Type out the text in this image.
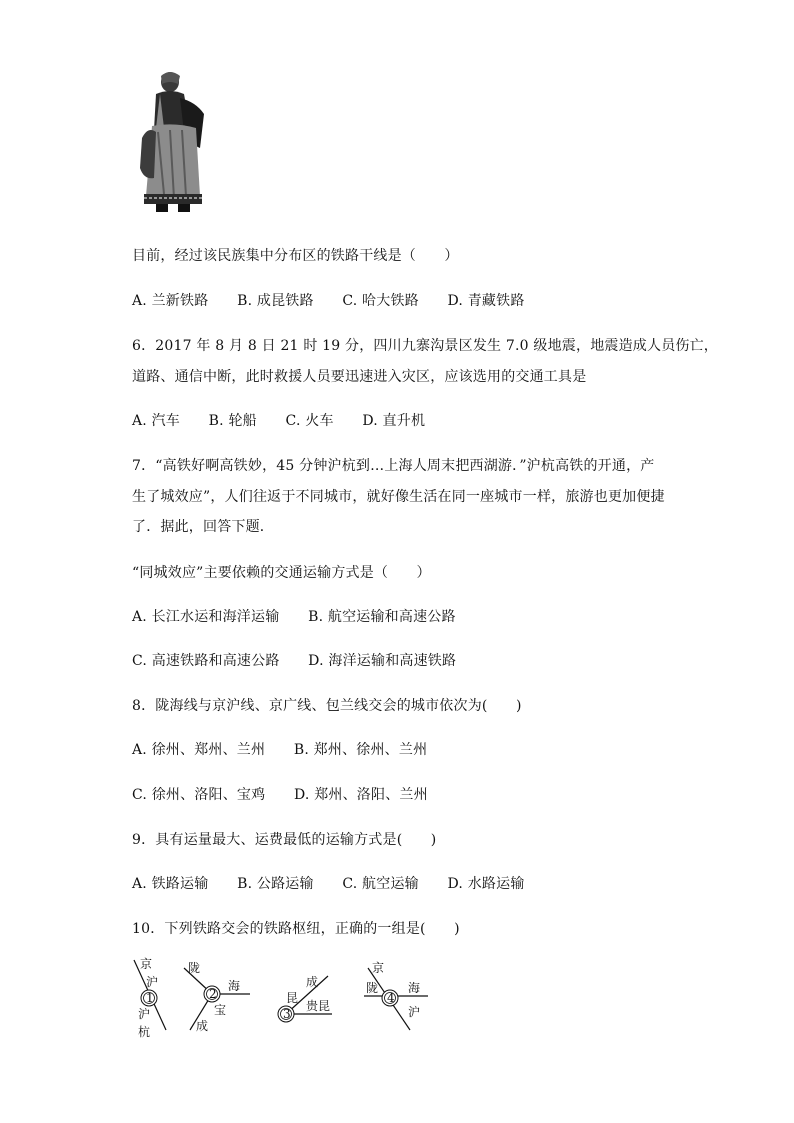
目前，经过该民族集中分布区的铁路干线是（　　）
A. 兰新铁路 B. 成昆铁路 C. 哈大铁路 D. 青藏铁路
6．2017 年 8 月 8 日 21 时 19 分，四川九寨沟景区发生 7.0 级地震，地震造成人员伤亡，
道路、通信中断，此时救援人员要迅速进入灾区，应该选用的交通工具是
A. 汽车 B. 轮船 C. 火车 D. 直升机
7．“高铁好啊高铁妙，45 分钟沪杭到…上海人周末把西湖游．”沪杭高铁的开通，产
生了城效应”，人们往返于不同城市，就好像生活在同一座城市一样，旅游也更加便捷
了．据此，回答下题．
“同城效应”主要依赖的交通运输方式是（　　）
A. 长江水运和海洋运输 B. 航空运输和高速公路
C. 高速铁路和高速公路 D. 海洋运输和高速铁路
8．陇海线与京沪线、京广线、包兰线交会的城市依次为(　　)
A. 徐州、郑州、兰州 B. 郑州、徐州、兰州
C. 徐州、洛阳、宝鸡 D. 郑州、洛阳、兰州
9．具有运量最大、运费最低的运输方式是(　　)
A. 铁路运输 B. 公路运输 C. 航空运输 D. 水路运输
10．下列铁路交会的铁路枢纽，正确的一组是(　　)
1
京
沪
沪
杭
2
陇
海
宝
成
3
成
昆
贵昆
4
京
陇 海
沪
